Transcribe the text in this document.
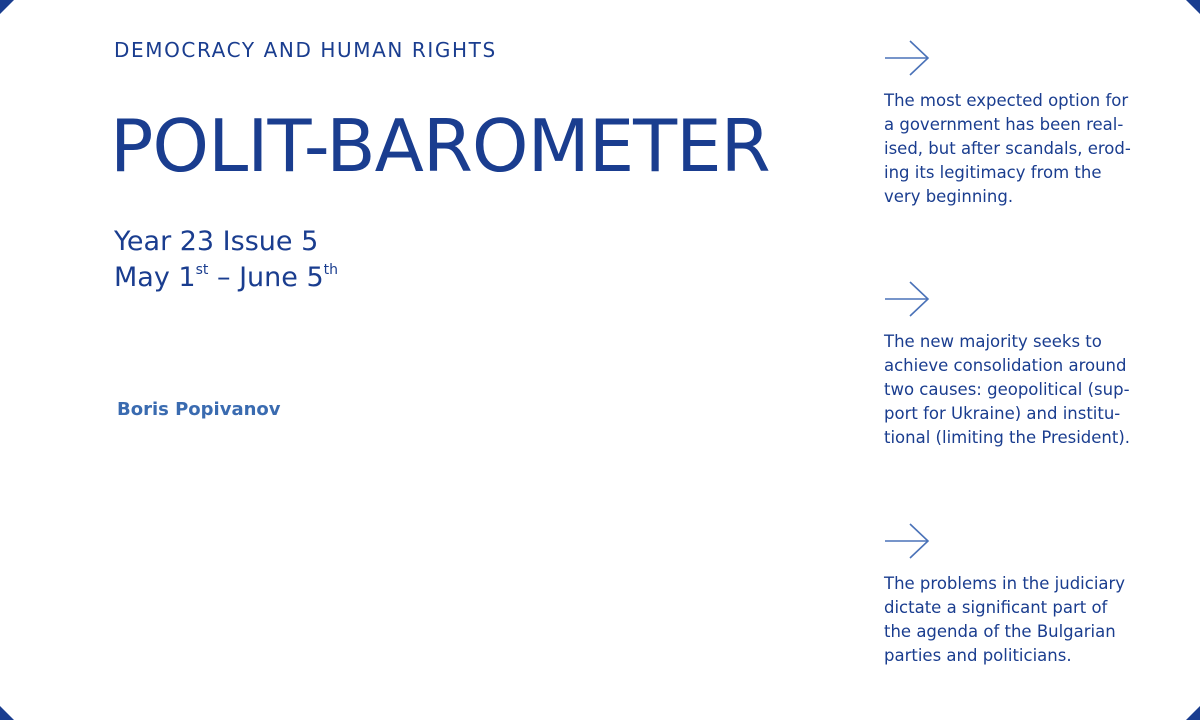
DEMOCRACY AND HUMAN RIGHTS
POLIT-BAROMETER
Year 23 Issue 5
May 1st – June 5th
Boris Popivanov
The most expected option for
a government has been real-
ised, but after scandals, erod-
ing its legitimacy from the
very beginning.
The new majority seeks to
achieve consolidation around
two causes: geopolitical (sup-
port for Ukraine) and institu-
tional (limiting the President).
The problems in the judiciary
dictate a significant part of
the agenda of the Bulgarian
parties and politicians.
